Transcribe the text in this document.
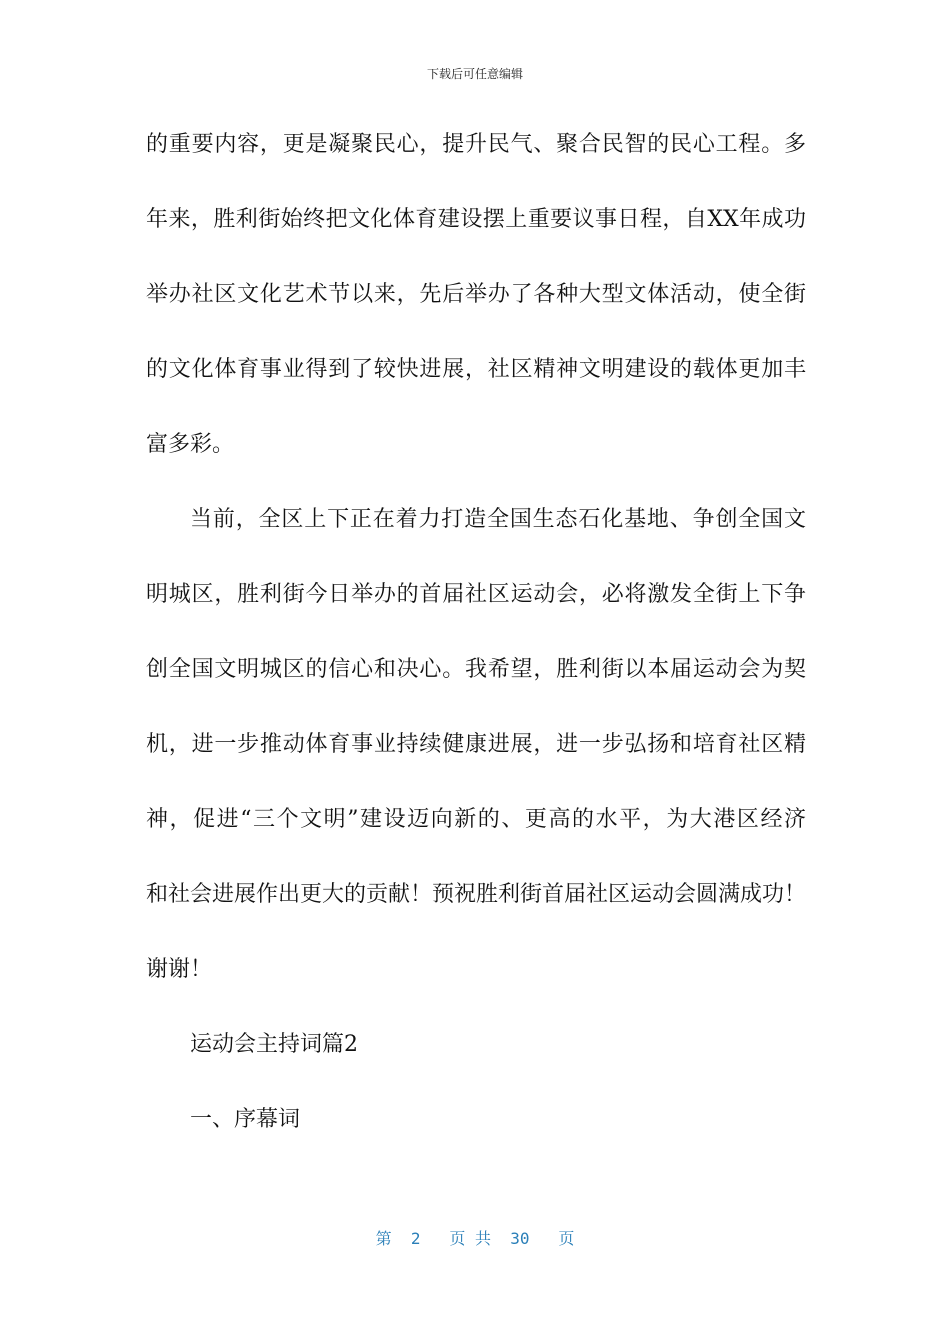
下载后可任意编辑
的重要内容，更是凝聚民心，提升民气、聚合民智的民心工程。多
年来，胜利街始终把文化体育建设摆上重要议事日程，自XX年成功
举办社区文化艺术节以来，先后举办了各种大型文体活动，使全街
的文化体育事业得到了较快进展，社区精神文明建设的载体更加丰
富多彩。
当前，全区上下正在着力打造全国生态石化基地、争创全国文
明城区，胜利街今日举办的首届社区运动会，必将激发全街上下争
创全国文明城区的信心和决心。我希望，胜利街以本届运动会为契
机，进一步推动体育事业持续健康进展，进一步弘扬和培育社区精
神，促进“三个文明”建设迈向新的、更高的水平，为大港区经济
和社会进展作出更大的贡献！预祝胜利街首届社区运动会圆满成功！
谢谢！
运动会主持词篇2
一、序幕词
第  2   页 共  30   页
